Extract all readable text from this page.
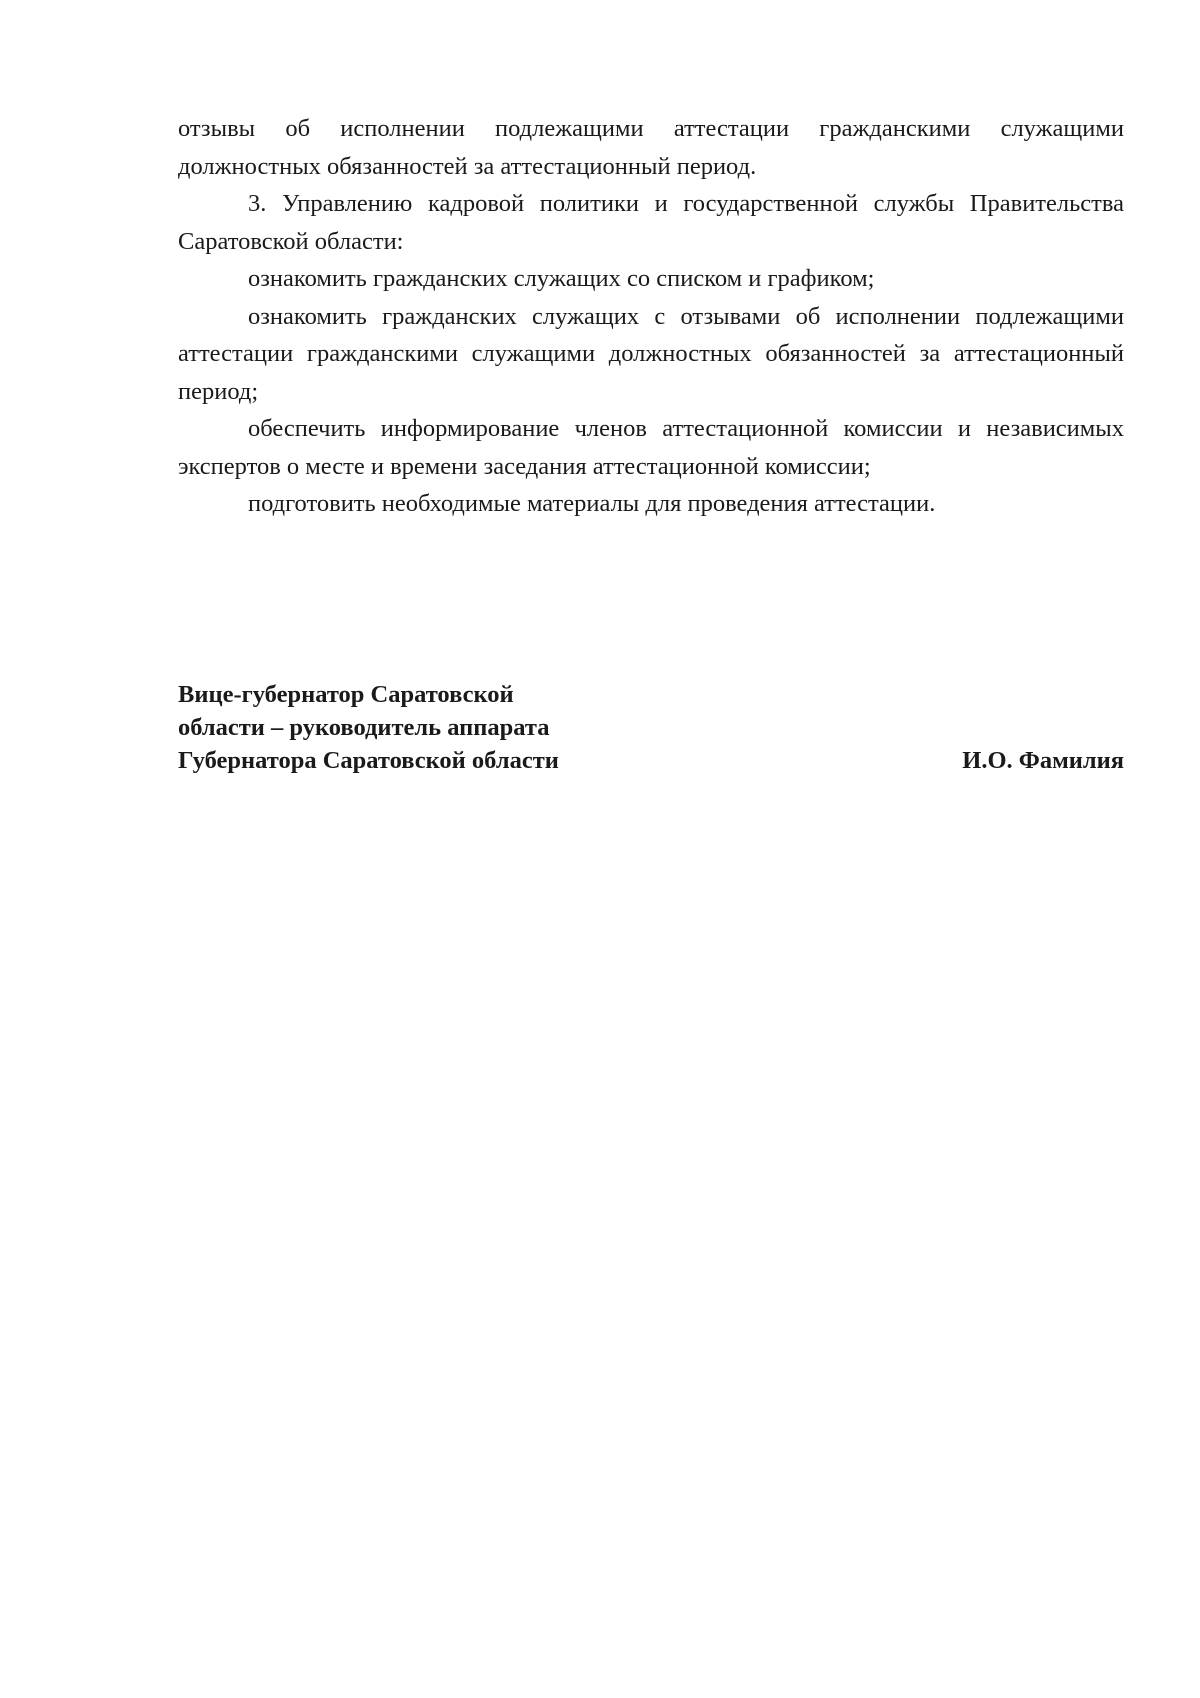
отзывы об исполнении подлежащими аттестации гражданскими служащими должностных обязанностей за аттестационный период.

3. Управлению кадровой политики и государственной службы Правительства Саратовской области:

ознакомить гражданских служащих со списком и графиком;

ознакомить гражданских служащих с отзывами об исполнении подлежащими аттестации гражданскими служащими должностных обязанностей за аттестационный период;

обеспечить информирование членов аттестационной комиссии и независимых экспертов о месте и времени заседания аттестационной комиссии;

подготовить необходимые материалы для проведения аттестации.

Вице-губернатор Саратовской
области – руководитель аппарата
Губернатора Саратовской области	И.О. Фамилия
